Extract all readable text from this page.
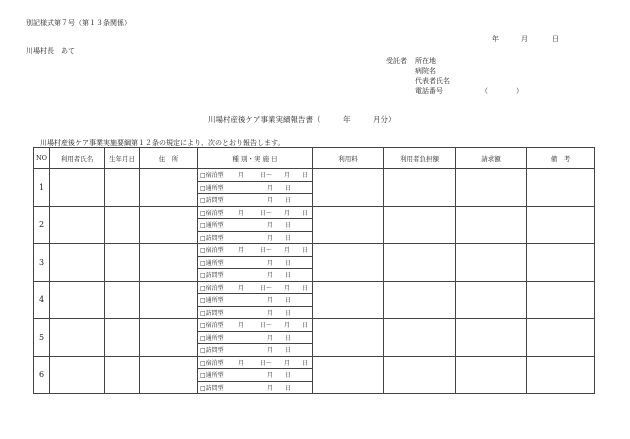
別記様式第７号（第１３条関係）
年	月	日
川場村長　あて
受託者 所在地
病院名
代表者氏名
電話番号	（　　　　）
川場村産後ケア事業実績報告書（　　　年　　　月分）
川場村産後ケア事業実施要綱第１２条の規定により、次のとおり報告します。
NO	利用者氏名	生年月日	住　所	種 別・実 施 日	利用料	利用者負担額	請求額	備　考
1				□宿泊型 月 日～ 月 日				
				□通所型 月 日				
				□訪問型 月 日				
2				□宿泊型 月 日～ 月 日				
				□通所型 月 日				
				□訪問型 月 日				
3				□宿泊型 月 日～ 月 日				
				□通所型 月 日				
				□訪問型 月 日				
4				□宿泊型 月 日～ 月 日				
				□通所型 月 日				
				□訪問型 月 日				
5				□宿泊型 月 日～ 月 日				
				□通所型 月 日				
				□訪問型 月 日				
6				□宿泊型 月 日～ 月 日				
				□通所型 月 日				
				□訪問型 月 日				
